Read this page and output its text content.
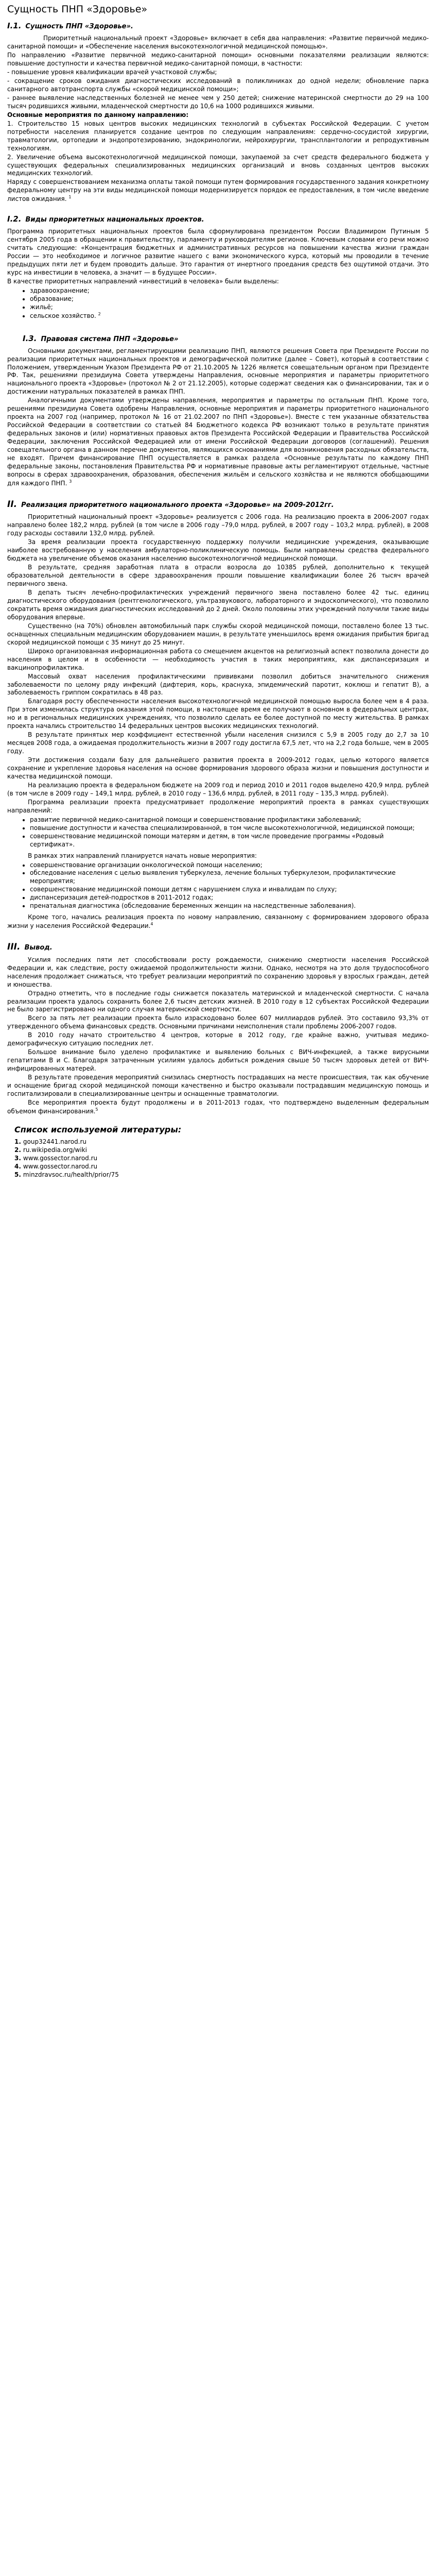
Сущность ПНП «Здоровье»
I.1. Сущность ПНП «Здоровье».

Приоритетный национальный проект «Здоровье» включает в себя два направления: «Развитие первичной медико-санитарной помощи» и «Обеспечение населения высокотехнологичной медицинской помощью».

По направлению «Развитие первичной медико-санитарной помощи» основными показателями реализации являются: повышение доступности и качества первичной медико-санитарной помощи, в частности:

- повышение уровня квалификации врачей участковой службы;

- сокращение сроков ожидания диагностических исследований в поликлиниках до одной недели; обновление парка санитарного автотранспорта службы «скорой медицинской помощи»;

- раннее выявление наследственных болезней не менее чем у 250 детей; снижение материнской смертности до 29 на 100 тысяч родившихся живыми, младенческой смертности до 10,6 на 1000 родившихся живыми.

Основные мероприятия по данному направлению:

1. Строительство 15 новых центров высоких медицинских технологий в субъектах Российской Федерации. С учетом потребности населения планируется создание центров по следующим направлениям: сердечно-сосудистой хирургии, травматологии, ортопедии и эндопротезированию, эндокринологии, нейрохирургии, трансплантологии и репродуктивным технологиям.

2. Увеличение объема высокотехнологичной медицинской помощи, закупаемой за счет средств федерального бюджета у существующих федеральных специализированных медицинских организаций и вновь созданных центров высоких медицинских технологий.

Наряду с совершенствованием механизма оплаты такой помощи путем формирования государственного задания конкретному федеральному центру на эти виды медицинской помощи модернизируется порядок ее предоставления, в том числе введение листов ожидания. $^1$

I.2. Виды приоритетных национальных проектов.

Программа приоритетных национальных проектов была сформулирована президентом России Владимиром Путиным 5 сентября 2005 года в обращении к правительству, парламенту и руководителям регионов. Ключевым словами его речи можно считать следующие: «Концентрация бюджетных и административных ресурсов на повышении качества жизни граждан России — это необходимое и логичное развитие нашего с вами экономического курса, который мы проводили в течение предыдущих пяти лет и будем проводить дальше. Это гарантия от инертного проедания средств без ощутимой отдачи. Это курс на инвестиции в человека, а значит — в будущее России».

В качестве приоритетных направлений «инвестиций в человека» были выделены:

• здравоохранение;
• образование;
• жильё;
• сельское хозяйство. $^2$
I.3. Правовая система ПНП «Здоровье»

Основными документами, регламентирующими реализацию ПНП, являются решения Совета при Президенте России по реализации приоритетных национальных проектов и демографической политике (далее – Совет), который в соответствии с Положением, утвержденным Указом Президента РФ от 21.10.2005 № 1226 является совещательным органом при Президенте РФ. Так, решениями президиума Совета утверждены Направления, основные мероприятия и параметры приоритетного национального проекта «Здоровье» (протокол № 2 от 21.12.2005), которые содержат сведения как о финансировании, так и о достижении натуральных показателей в рамках ПНП.

Аналогичными документами утверждены направления, мероприятия и параметры по остальным ПНП. Кроме того, решениями президиума Совета одобрены Направления, основные мероприятия и параметры приоритетного национального проекта на 2007 год (например, протокол № 16 от 21.02.2007 по ПНП «Здоровье»). Вместе с тем указанные обязательства Российской Федерации в соответствии со статьей 84 Бюджетного кодекса РФ возникают только в результате принятия федеральных законов и (или) нормативных правовых актов Президента Российской Федерации и Правительства Российской Федерации, заключения Российской Федерацией или от имени Российской Федерации договоров (соглашений). Решения совещательного органа в данном перечне документов, являющихся основаниями для возникновения расходных обязательств, не входят. Причем финансирование ПНП осуществляется в рамках раздела «Основные результаты по каждому ПНП федеральные законы, постановления Правительства РФ и нормативные правовые акты регламентируют отдельные, частные вопросы в сферах здравоохранения, образования, обеспечения жильём и сельского хозяйства и не являются обобщающими для каждого ПНП. $^3$

II. Реализация приоритетного национального проекта «Здоровье» на 2009-2012гг.

Приоритетный национальный проект «Здоровье» реализуется с 2006 года. На реализацию проекта в 2006-2007 годах направлено более 182,2 млрд. рублей (в том числе в 2006 году –79,0 млрд. рублей, в 2007 году – 103,2 млрд. рублей), в 2008 году расходы составили 132,0 млрд. рублей.

За время реализации проекта государственную поддержку получили медицинские учреждения, оказывающие наиболее востребованную у населения амбулаторно-поликлиническую помощь. Были направлены средства федерального бюджета на увеличение объемов оказания населению высокотехнологичной медицинской помощи.

В результате, средняя заработная плата в отрасли возросла до 10385 рублей, дополнительно к текущей образовательной деятельности в сфере здравоохранения прошли повышение квалификации более 26 тысяч врачей первичного звена.

В депать тысяч лечебно-профилактических учреждений первичного звена поставлено более 42 тыс. единиц диагностического оборудования (рентгенологического, ультразвукового, лабораторного и эндоскопического), что позволило сократить время ожидания диагностических исследований до 2 дней. Около половины этих учреждений получили такие виды оборудования впервые.

Существенно (на 70%) обновлен автомобильный парк службы скорой медицинской помощи, поставлено более 13 тыс. оснащенных специальным медицинским оборудованием машин, в результате уменьшилось время ожидания прибытия бригад скорой медицинской помощи с 35 минут до 25 минут.

Широко организованная информационная работа со смещением акцентов на религиозный аспект позволила донести до населения в целом и в особенности — необходимость участия в таких мероприятиях, как диспансеризация и вакцинопрофилактика.

Массовый охват населения профилактическими прививками позволил добиться значительного снижения заболеваемости по целому ряду инфекций (дифтерия, корь, краснуха, эпидемический паротит, коклюш и гепатит В), а заболеваемость гриппом сократилась в 48 раз.

Благодаря росту обеспеченности населения высокотехнологичной медицинской помощью выросла более чем в 4 раза. При этом изменилась структура оказания этой помощи, в настоящее время ее получают в основном в федеральных центрах, но и в региональных медицинских учреждениях, что позволило сделать ее более доступной по месту жительства. В рамках проекта начались строительство 14 федеральных центров высоких медицинских технологий.

В результате принятых мер коэффициент естественной убыли населения снизился с 5,9 в 2005 году до 2,7 за 10 месяцев 2008 года, а ожидаемая продолжительность жизни в 2007 году достигла 67,5 лет, что на 2,2 года больше, чем в 2005 году.

Эти достижения создали базу для дальнейшего развития проекта в 2009-2012 годах, целью которого является сохранение и укрепление здоровья населения на основе формирования здорового образа жизни и повышения доступности и качества медицинской помощи.

На реализацию проекта в федеральном бюджете на 2009 год и период 2010 и 2011 годов выделено 420,9 млрд. рублей (в том числе в 2009 году – 149,1 млрд. рублей, в 2010 году – 136,6 млрд. рублей, в 2011 году – 135,3 млрд. рублей).

Программа реализации проекта предусматривает продолжение мероприятий проекта в рамках существующих направлений:

• развитие первичной медико-санитарной помощи и совершенствование профилактики заболеваний;
• повышение доступности и качества специализированной, в том числе высокотехнологичной, медицинской помощи;
• совершенствование медицинской помощи матерям и детям, в том числе проведение программы «Родовый сертификат».

В рамках этих направлений планируется начать новые мероприятия:

• совершенствование организации онкологической помощи населению;
• обследование населения с целью выявления туберкулеза, лечение больных туберкулезом, профилактические мероприятия;
• совершенствование медицинской помощи детям с нарушением слуха и инвалидам по слуху;
• диспансеризация детей-подростков в 2011-2012 годах;
• пренатальная диагностика (обследование беременных женщин на наследственные заболевания).

Кроме того, начались реализация проекта по новому направлению, связанному с формированием здорового образа жизни у населения Российской Федерации.$^4$

III. Вывод.

Усилия последних пяти лет способствовали росту рождаемости, снижению смертности населения Российской Федерации и, как следствие, росту ожидаемой продолжительности жизни. Однако, несмотря на это доля трудоспособного населения продолжает снижаться, что требует реализации мероприятий по сохранению здоровья у взрослых граждан, детей и юношества.

Отрадно отметить, что в последние годы снижается показатель материнской и младенческой смертности. С начала реализации проекта удалось сохранить более 2,6 тысяч детских жизней. В 2010 году в 12 субъектах Российской Федерации не было зарегистрировано ни одного случая материнской смертности.

Всего за пять лет реализации проекта было израсходовано более 607 миллиардов рублей. Это составило 93,3% от утвержденного объема финансовых средств. Основными причинами неисполнения стали проблемы 2006-2007 годов.

В 2010 году начато строительство 4 центров, которые в 2012 году, где крайне важно, учитывая медико-демографическую ситуацию последних лет.

Большое внимание было уделено профилактике и выявлению больных с ВИЧ-инфекцией, а также вирусными гепатитами B и C. Благодаря затраченным усилиям удалось добиться рождения свыше 50 тысяч здоровых детей от ВИЧ-инфицированных матерей.

В результате проведения мероприятий снизилась смертность пострадавших на месте происшествия, так как обучение и оснащение бригад скорой медицинской помощи качественно и быстро оказывали пострадавшим медицинскую помощь и госпитализировали в специализированные центры и оснащенные травматологии.

Все мероприятия проекта будут продолжены и в 2011-2013 годах, что подтверждено выделенным федеральным объемом финансирования.$^5$

Список используемой литературы:
1. goup32441.narod.ru
2. ru.wikipedia.org/wiki
3. www.gossector.narod.ru
4. www.gossector.narod.ru
5. minzdravsoc.ru/health/prior/75
